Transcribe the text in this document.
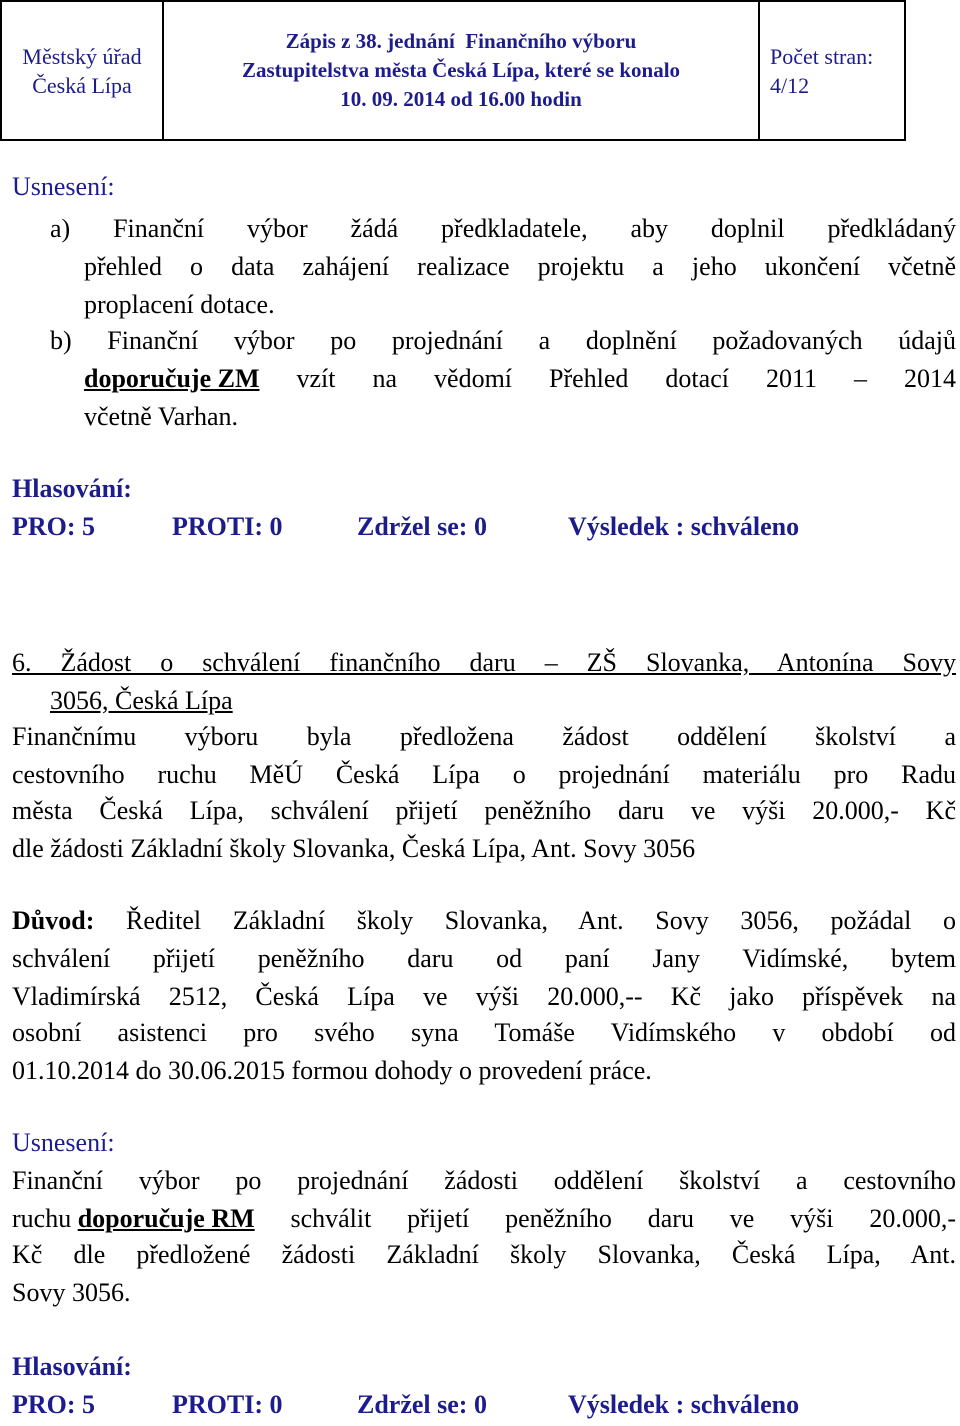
Městský úřad
Česká Lípa
Zápis z 38. jednání  Finančního výboru
Zastupitelstva města Česká Lípa, které se konalo
10. 09. 2014 od 16.00 hodin
Počet stran:
4/12
Usnesení:
a) Finanční výbor žádá předkladatele, aby doplnil předkládaný
přehled o data zahájení realizace projektu a jeho ukončení včetně
proplacení dotace.
b) Finanční výbor po projednání a doplnění požadovaných údajů
doporučuje ZM vzít na vědomí Přehled dotací 2011 – 2014
včetně Varhan.
Hlasování:
PRO: 5	PROTI: 0	Zdržel se: 0	Výsledek : schváleno
6. Žádost o schválení finančního daru – ZŠ Slovanka, Antonína Sovy
3056, Česká Lípa
Finančnímu výboru byla předložena žádost oddělení školství a
cestovního ruchu MěÚ Česká Lípa o projednání materiálu pro Radu
města Česká Lípa, schválení přijetí peněžního daru ve výši 20.000,- Kč
dle žádosti Základní školy Slovanka, Česká Lípa, Ant. Sovy 3056
Důvod: Ředitel Základní školy Slovanka, Ant. Sovy 3056, požádal o
schválení přijetí peněžního daru od paní Jany Vidímské, bytem
Vladimírská 2512, Česká Lípa ve výši 20.000,-- Kč jako příspěvek na
osobní asistenci pro svého syna Tomáše Vidímského v období od
01.10.2014 do 30.06.2015 formou dohody o provedení práce.
Usnesení:
Finanční výbor po projednání žádosti oddělení školství a cestovního
ruchu doporučuje RM schválit přijetí peněžního daru ve výši 20.000,-
Kč dle předložené žádosti Základní školy Slovanka, Česká Lípa, Ant.
Sovy 3056.
Hlasování:
PRO: 5	PROTI: 0	Zdržel se: 0	Výsledek : schváleno
